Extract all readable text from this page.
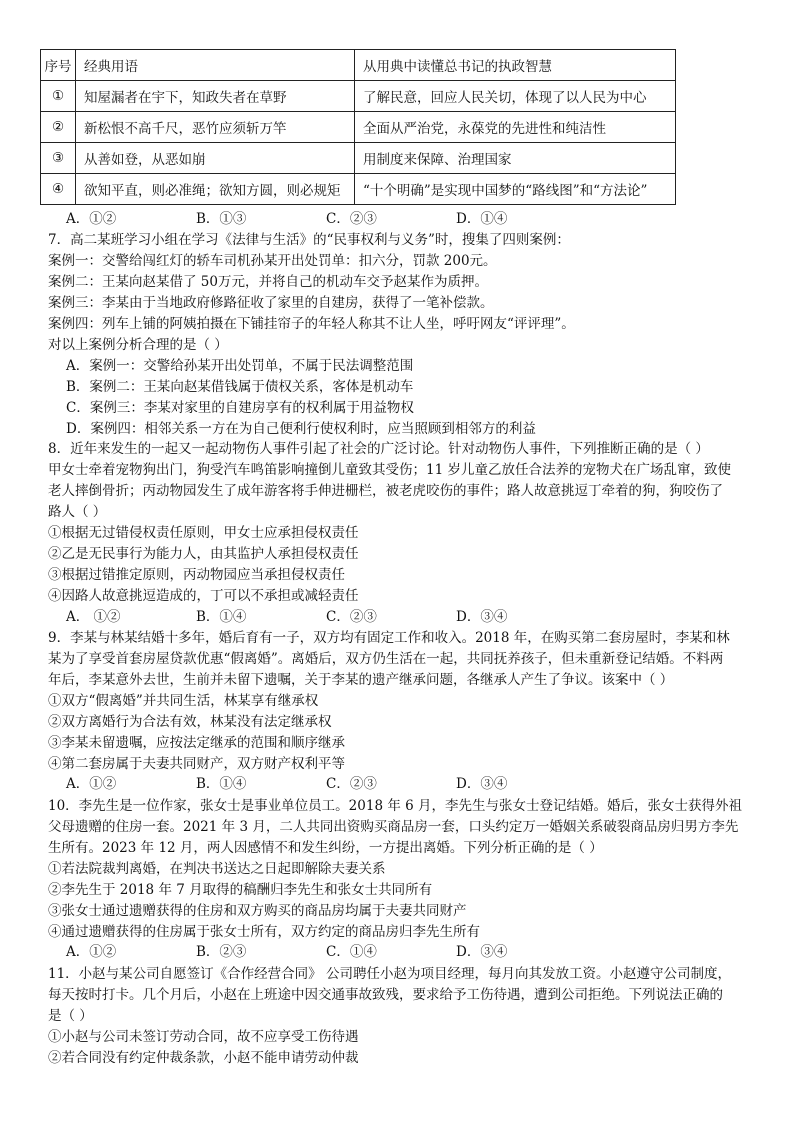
序号	经典用语	从用典中读懂总书记的执政智慧
①	知屋漏者在宇下，知政失者在草野	了解民意，回应人民关切，体现了以人民为中心
②	新松恨不高千尺，恶竹应须斩万竿	全面从严治党，永葆党的先进性和纯洁性
③	从善如登，从恶如崩	用制度来保障、治理国家
④	欲知平直，则必准绳；欲知方圆，则必规矩	“十个明确”是实现中国梦的“路线图”和“方法论”
A．①②	B．①③	C．②③	D．①④
7．高二某班学习小组在学习《法律与生活》的“民事权利与义务”时，搜集了四则案例：
案例一：交警给闯红灯的轿车司机孙某开出处罚单：扣六分，罚款 200元。
案例二：王某向赵某借了 50万元，并将自己的机动车交予赵某作为质押。
案例三：李某由于当地政府修路征收了家里的自建房，获得了一笔补偿款。
案例四：列车上铺的阿姨拍摄在下铺挂帘子的年轻人称其不让人坐，呼吁网友“评评理”。
对以上案例分析合理的是（ ）
A．案例一：交警给孙某开出处罚单，不属于民法调整范围
B．案例二：王某向赵某借钱属于债权关系，客体是机动车
C．案例三：李某对家里的自建房享有的权利属于用益物权
D．案例四：相邻关系一方在为自己便利行使权利时，应当照顾到相邻方的利益
8．近年来发生的一起又一起动物伤人事件引起了社会的广泛讨论。针对动物伤人事件，下列推断正确的是（ ）
甲女士牵着宠物狗出门，狗受汽车鸣笛影响撞倒儿童致其受伤；11 岁儿童乙放任合法养的宠物犬在广场乱窜，致使
老人摔倒骨折；丙动物园发生了成年游客将手伸进栅栏，被老虎咬伤的事件；路人故意挑逗丁牵着的狗，狗咬伤了
路人（ ）
①根据无过错侵权责任原则，甲女士应承担侵权责任
②乙是无民事行为能力人，由其监护人承担侵权责任
③根据过错推定原则，丙动物园应当承担侵权责任
④因路人故意挑逗造成的，丁可以不承担或减轻责任
A． ①②	B．①④	C．②③	D．③④
9．李某与林某结婚十多年，婚后育有一子，双方均有固定工作和收入。2018 年，在购买第二套房屋时，李某和林
某为了享受首套房屋贷款优惠“假离婚”。离婚后，双方仍生活在一起，共同抚养孩子，但未重新登记结婚。不料两
年后，李某意外去世，生前并未留下遗嘱，关于李某的遗产继承问题，各继承人产生了争议。该案中（ ）
①双方“假离婚”并共同生活，林某享有继承权
②双方离婚行为合法有效，林某没有法定继承权
③李某未留遗嘱，应按法定继承的范围和顺序继承
④第二套房属于夫妻共同财产，双方财产权利平等
A．①②	B．①④	C．②③	D．③④
10．李先生是一位作家，张女士是事业单位员工。2018 年 6 月，李先生与张女士登记结婚。婚后，张女士获得外祖
父母遗赠的住房一套。2021 年 3 月，二人共同出资购买商品房一套，口头约定万一婚姻关系破裂商品房归男方李先
生所有。2023 年 12 月，两人因感情不和发生纠纷，一方提出离婚。下列分析正确的是（ ）
①若法院裁判离婚，在判决书送达之日起即解除夫妻关系
②李先生于 2018 年 7 月取得的稿酬归李先生和张女士共同所有
③张女士通过遗赠获得的住房和双方购买的商品房均属于夫妻共同财产
④通过遗赠获得的住房属于张女士所有，双方约定的商品房归李先生所有
A．①②	B．②③	C．①④	D．③④
11．小赵与某公司自愿签订《合作经营合同》 公司聘任小赵为项目经理，每月向其发放工资。小赵遵守公司制度，
每天按时打卡。几个月后，小赵在上班途中因交通事故致残，要求给予工伤待遇，遭到公司拒绝。下列说法正确的
是（ ）
①小赵与公司未签订劳动合同，故不应享受工伤待遇
②若合同没有约定仲裁条款，小赵不能申请劳动仲裁
